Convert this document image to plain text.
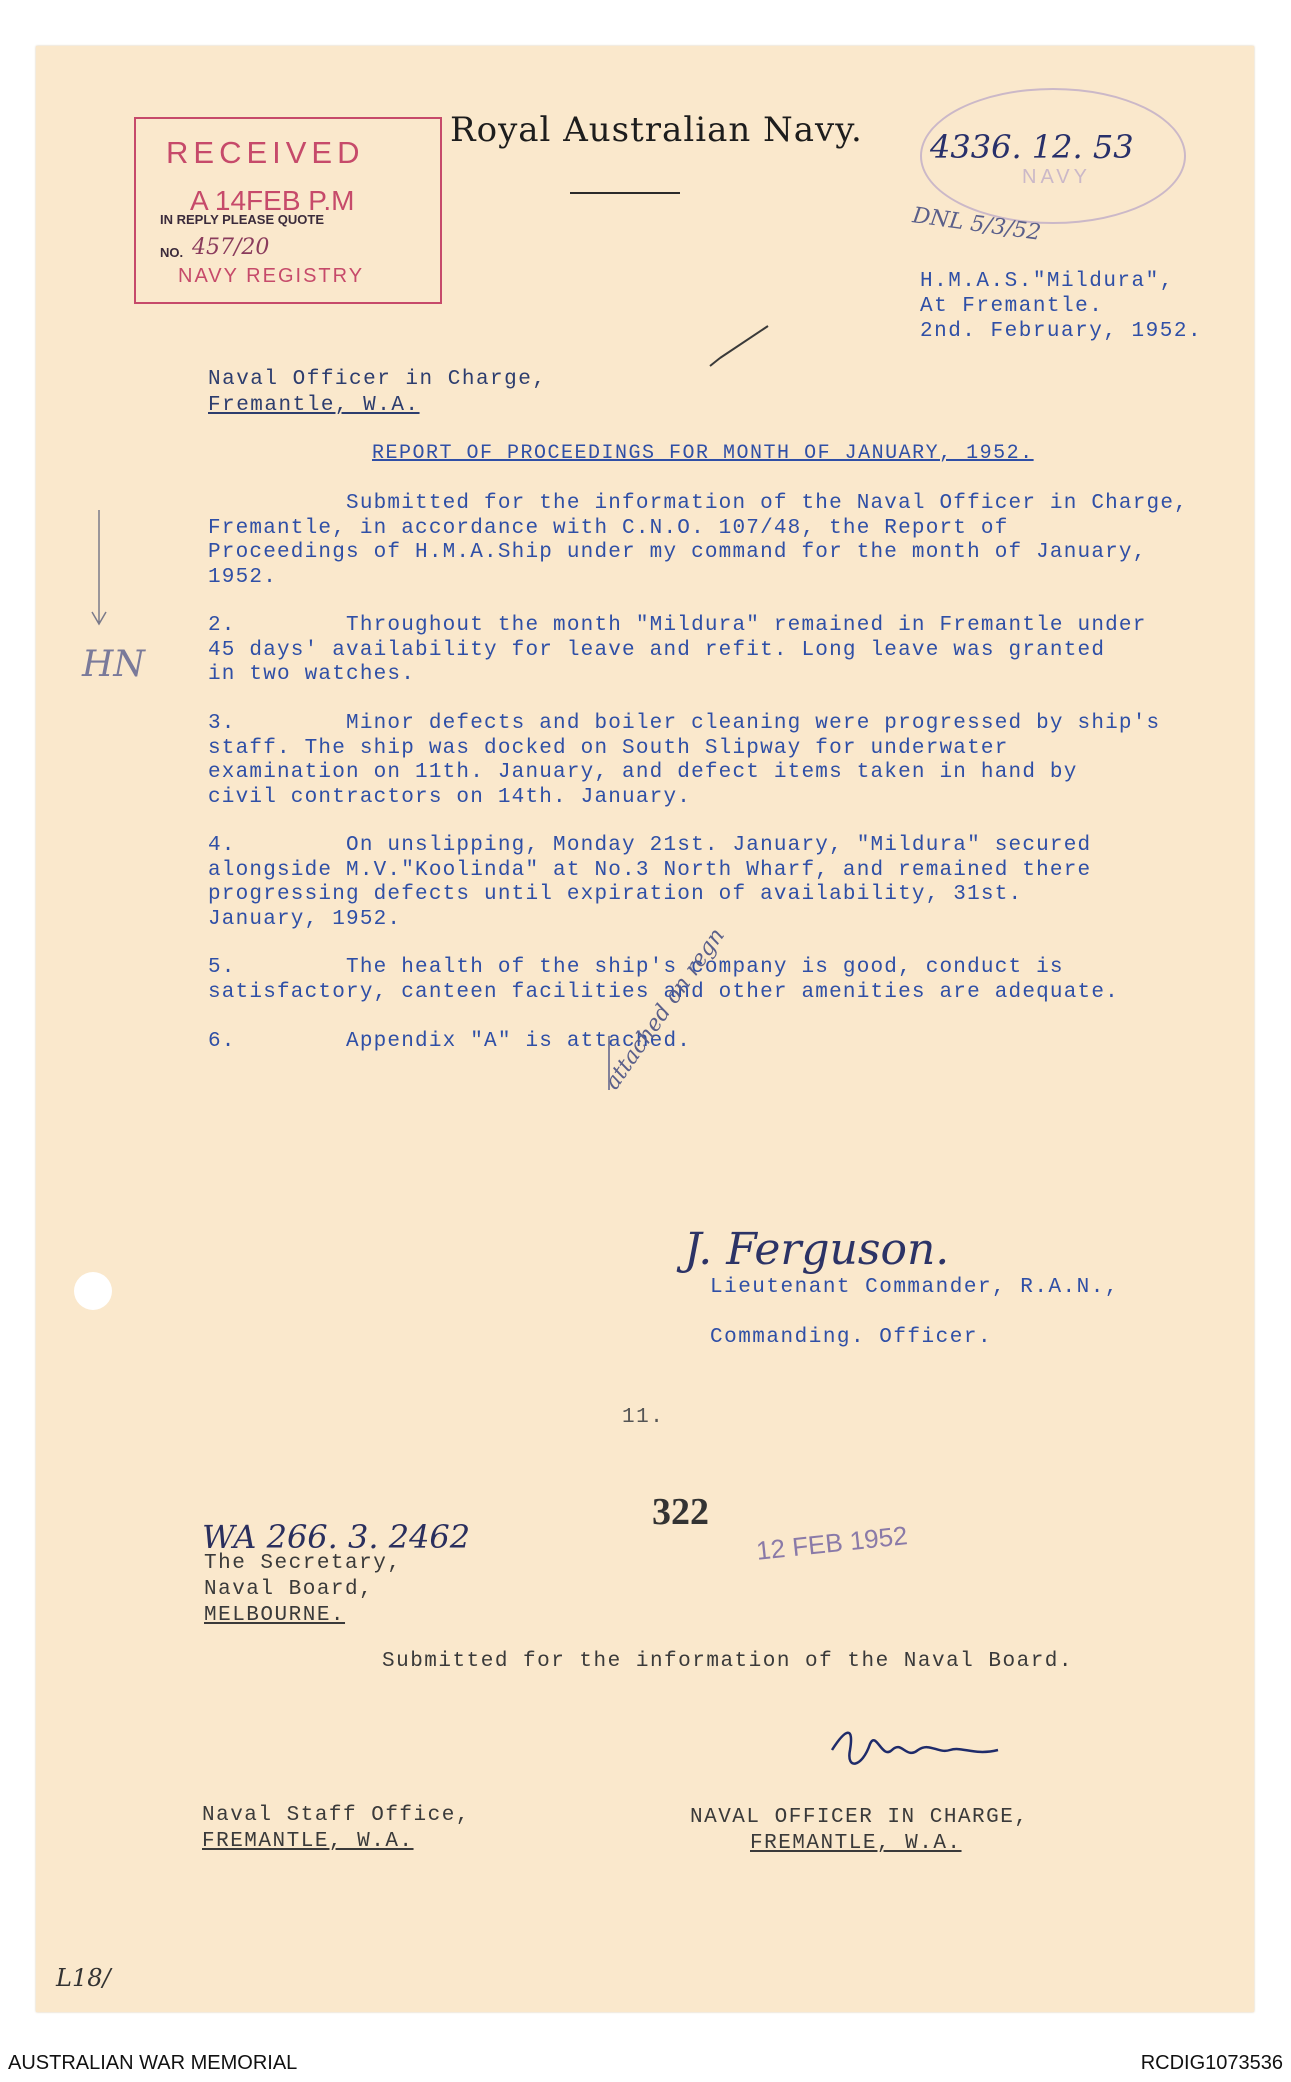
RECEIVED
A 14FEB P.M
IN REPLY PLEASE QUOTE
NO. 457/20
NAVY REGISTRY
Royal Australian Navy. 4336. 12. 53
NAVY
DNL 5/3/52
H.M.A.S."Mildura",
At Fremantle.
2nd. February, 1952.
Naval Officer in Charge,
Fremantle, W.A.
REPORT OF PROCEEDINGS FOR MONTH OF JANUARY, 1952.
Submitted for the information of the Naval Officer in Charge,
Fremantle, in accordance with C.N.O. 107/48, the Report of
Proceedings of H.M.A.Ship under my command for the month of January,
1952.
2.        Throughout the month "Mildura" remained in Fremantle under
45 days' availability for leave and refit. Long leave was granted
in two watches.
3.        Minor defects and boiler cleaning were progressed by ship's
staff. The ship was docked on South Slipway for underwater
examination on 11th. January, and defect items taken in hand by
civil contractors on 14th. January.
4.        On unslipping, Monday 21st. January, "Mildura" secured
alongside M.V."Koolinda" at No.3 North Wharf, and remained there
progressing defects until expiration of availability, 31st.
January, 1952.
5.        The health of the ship's company is good, conduct is
satisfactory, canteen facilities and other amenities are adequate.
6.        Appendix "A" is attached.
HN
attached on regn
J. Ferguson.
Lieutenant Commander, R.A.N.,
Commanding. Officer.
11.
322
WA 266. 3. 2462	12 FEB 1952
The Secretary,
Naval Board,
MELBOURNE.
Submitted for the information of the Naval Board.
Naval Staff Office,
FREMANTLE, W.A.
NAVAL OFFICER IN CHARGE,
FREMANTLE, W.A.
L18/
AUSTRALIAN WAR MEMORIAL	RCDIG1073536
